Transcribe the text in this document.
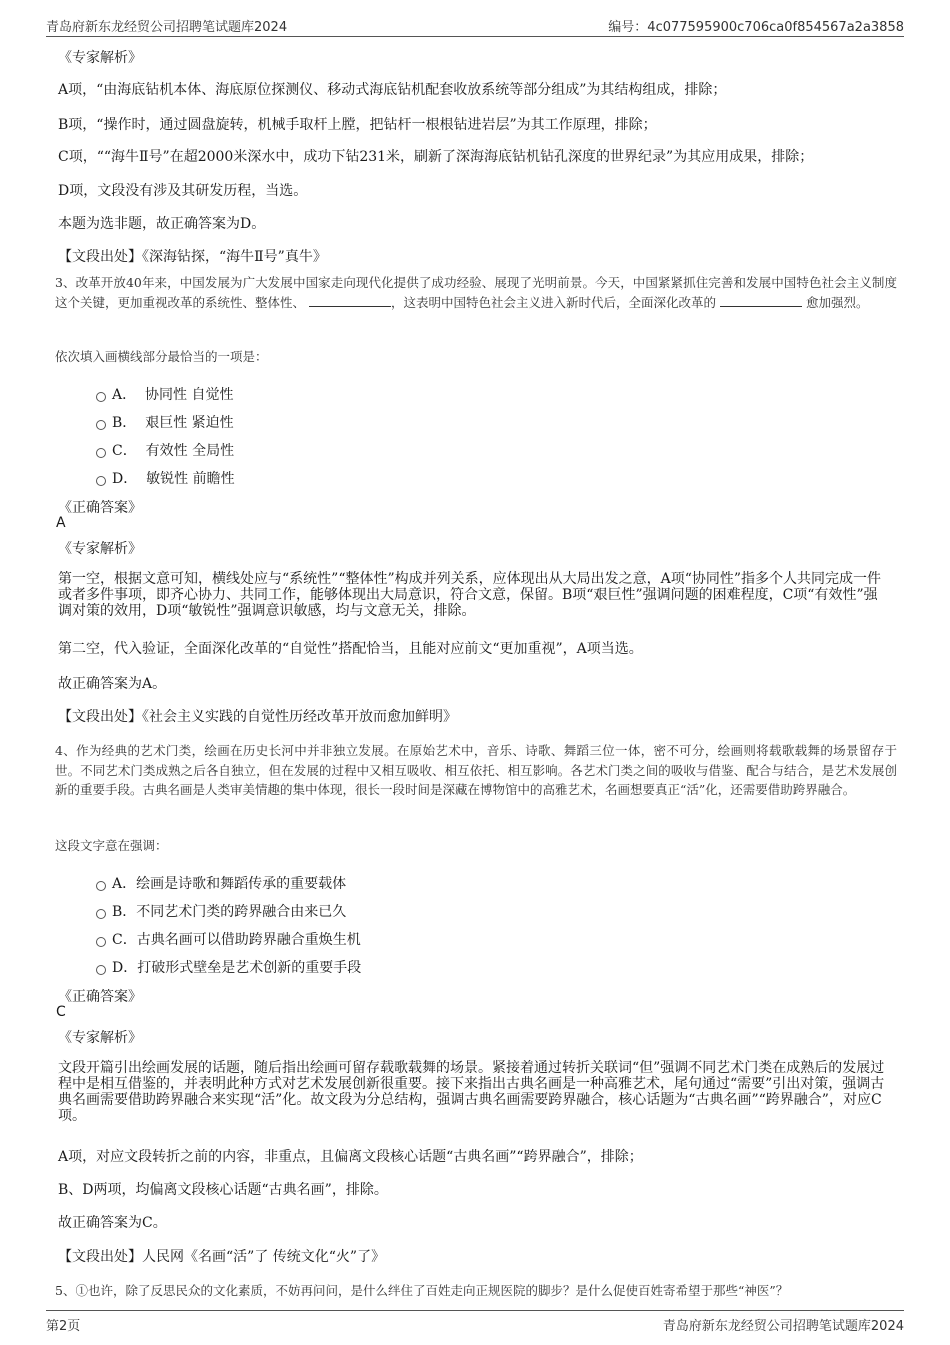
青岛府新东龙经贸公司招聘笔试题库2024	编号：4c077595900c706ca0f854567a2a3858
《专家解析》
A项，“由海底钻机本体、海底原位探测仪、移动式海底钻机配套收放系统等部分组成”为其结构组成，排除；
B项，“操作时，通过圆盘旋转，机械手取杆上膛，把钻杆一根根钻进岩层”为其工作原理，排除；
C项，““海牛Ⅱ号”在超2000米深水中，成功下钻231米，刷新了深海海底钻机钻孔深度的世界纪录”为其应用成果，排除；
D项，文段没有涉及其研发历程，当选。
本题为选非题，故正确答案为D。
【文段出处】《深海钻探，“海牛Ⅱ号”真牛》
3、改革开放40年来，中国发展为广大发展中国家走向现代化提供了成功经验、展现了光明前景。今天，中国紧紧抓住完善和发展中国特色社会主义制度这个关键，更加重视改革的系统性、整体性、	，这表明中国特色社会主义进入新时代后，全面深化改革的	愈加强烈。
依次填入画横线部分最恰当的一项是：
A． 协同性 自觉性
B． 艰巨性 紧迫性
C． 有效性 全局性
D． 敏锐性 前瞻性
《正确答案》
A
《专家解析》
第一空，根据文意可知，横线处应与“系统性”“整体性”构成并列关系，应体现出从大局出发之意，A项“协同性”指多个人共同完成一件或者多件事项，即齐心协力、共同工作，能够体现出大局意识，符合文意，保留。B项“艰巨性”强调问题的困难程度，C项“有效性”强调对策的效用，D项“敏锐性”强调意识敏感，均与文意无关，排除。
第二空，代入验证，全面深化改革的“自觉性”搭配恰当，且能对应前文“更加重视”，A项当选。
故正确答案为A。
【文段出处】《社会主义实践的自觉性历经改革开放而愈加鲜明》
4、作为经典的艺术门类，绘画在历史长河中并非独立发展。在原始艺术中，音乐、诗歌、舞蹈三位一体，密不可分，绘画则将载歌载舞的场景留存于世。不同艺术门类成熟之后各自独立，但在发展的过程中又相互吸收、相互依托、相互影响。各艺术门类之间的吸收与借鉴、配合与结合，是艺术发展创新的重要手段。古典名画是人类审美情趣的集中体现，很长一段时间是深藏在博物馆中的高雅艺术，名画想要真正“活”化，还需要借助跨界融合。
这段文字意在强调：
A．绘画是诗歌和舞蹈传承的重要载体
B．不同艺术门类的跨界融合由来已久
C．古典名画可以借助跨界融合重焕生机
D．打破形式壁垒是艺术创新的重要手段
《正确答案》
C
《专家解析》
文段开篇引出绘画发展的话题，随后指出绘画可留存载歌载舞的场景。紧接着通过转折关联词“但”强调不同艺术门类在成熟后的发展过程中是相互借鉴的，并表明此种方式对艺术发展创新很重要。接下来指出古典名画是一种高雅艺术，尾句通过“需要”引出对策，强调古典名画需要借助跨界融合来实现“活”化。故文段为分总结构，强调古典名画需要跨界融合，核心话题为“古典名画”“跨界融合”，对应C项。
A项，对应文段转折之前的内容，非重点，且偏离文段核心话题“古典名画”“跨界融合”，排除；
B、D两项，均偏离文段核心话题“古典名画”，排除。
故正确答案为C。
【文段出处】人民网《名画“活”了 传统文化“火”了》
5、①也许，除了反思民众的文化素质，不妨再问问，是什么绊住了百姓走向正规医院的脚步？是什么促使百姓寄希望于那些“神医”？
第2页	青岛府新东龙经贸公司招聘笔试题库2024
